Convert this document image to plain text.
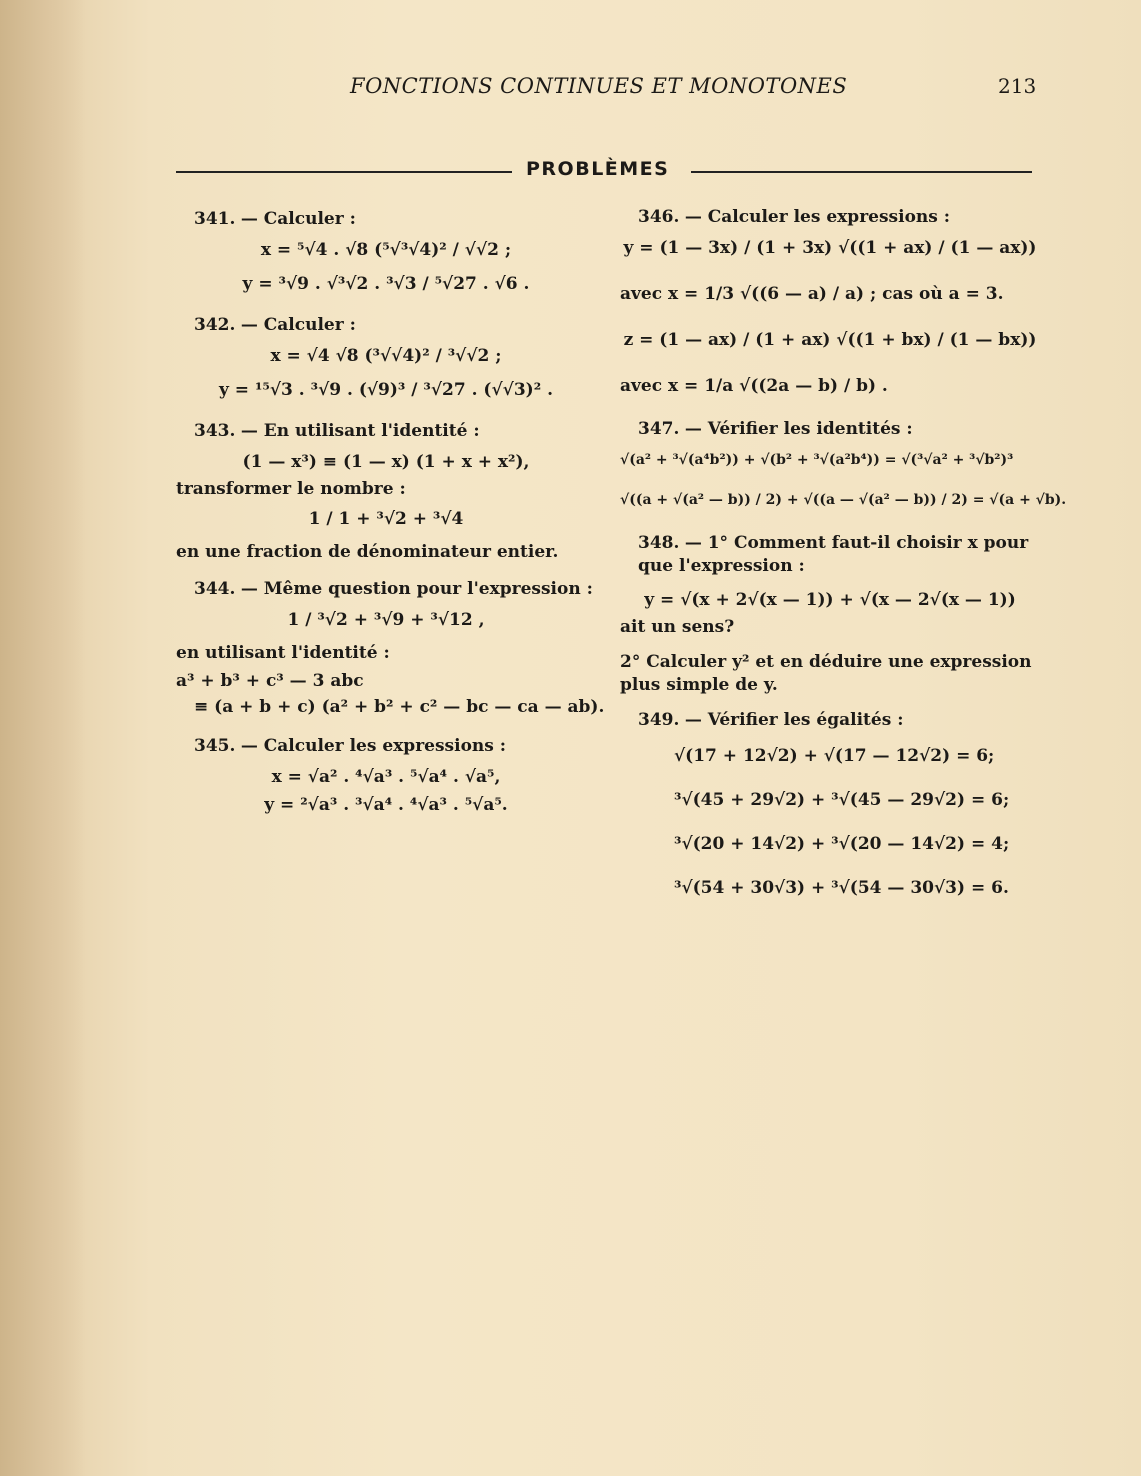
FONCTIONS CONTINUES ET MONOTONES	213
PROBLÈMES
341. — Calculer :
x = ⁵√4 . √8 (⁵√³√4)² / √√2 ;
y = ³√9 . √³√2 . ³√3 / ⁵√27 . √6 .
342. — Calculer :
x = √4 √8 (³√√4)² / ³√√2 ;
y = ¹⁵√3 . ³√9 . (√9)³ / ³√27 . (√√3)² .
343. — En utilisant l'identité :
(1 — x³) ≡ (1 — x) (1 + x + x²),
transformer le nombre :
1 / 1 + ³√2 + ³√4
en une fraction de dénominateur entier.
344. — Même question pour l'expression :
1 / ³√2 + ³√9 + ³√12 ,
en utilisant l'identité :
a³ + b³ + c³ — 3 abc
≡ (a + b + c) (a² + b² + c² — bc — ca — ab).
345. — Calculer les expressions :
x = √a² . ⁴√a³ . ⁵√a⁴ . √a⁵,
y = ²√a³ . ³√a⁴ . ⁴√a³ . ⁵√a⁵.
346. — Calculer les expressions :
y = (1 — 3x) / (1 + 3x) √((1 + ax) / (1 — ax))
avec x = 1/3 √((6 — a) / a) ; cas où a = 3.
z = (1 — ax) / (1 + ax) √((1 + bx) / (1 — bx))
avec x = 1/a √((2a — b) / b) .
347. — Vérifier les identités :
√(a² + ³√(a⁴b²)) + √(b² + ³√(a²b⁴)) = √(³√a² + ³√b²)³
√((a + √(a² — b)) / 2) + √((a — √(a² — b)) / 2) = √(a + √b).
348. — 1° Comment faut-il choisir x pour que l'expression :
y = √(x + 2√(x — 1)) + √(x — 2√(x — 1))
ait un sens?
2° Calculer y² et en déduire une expression plus simple de y.
349. — Vérifier les égalités :
√(17 + 12√2) + √(17 — 12√2) = 6;
³√(45 + 29√2) + ³√(45 — 29√2) = 6;
³√(20 + 14√2) + ³√(20 — 14√2) = 4;
³√(54 + 30√3) + ³√(54 — 30√3) = 6.
